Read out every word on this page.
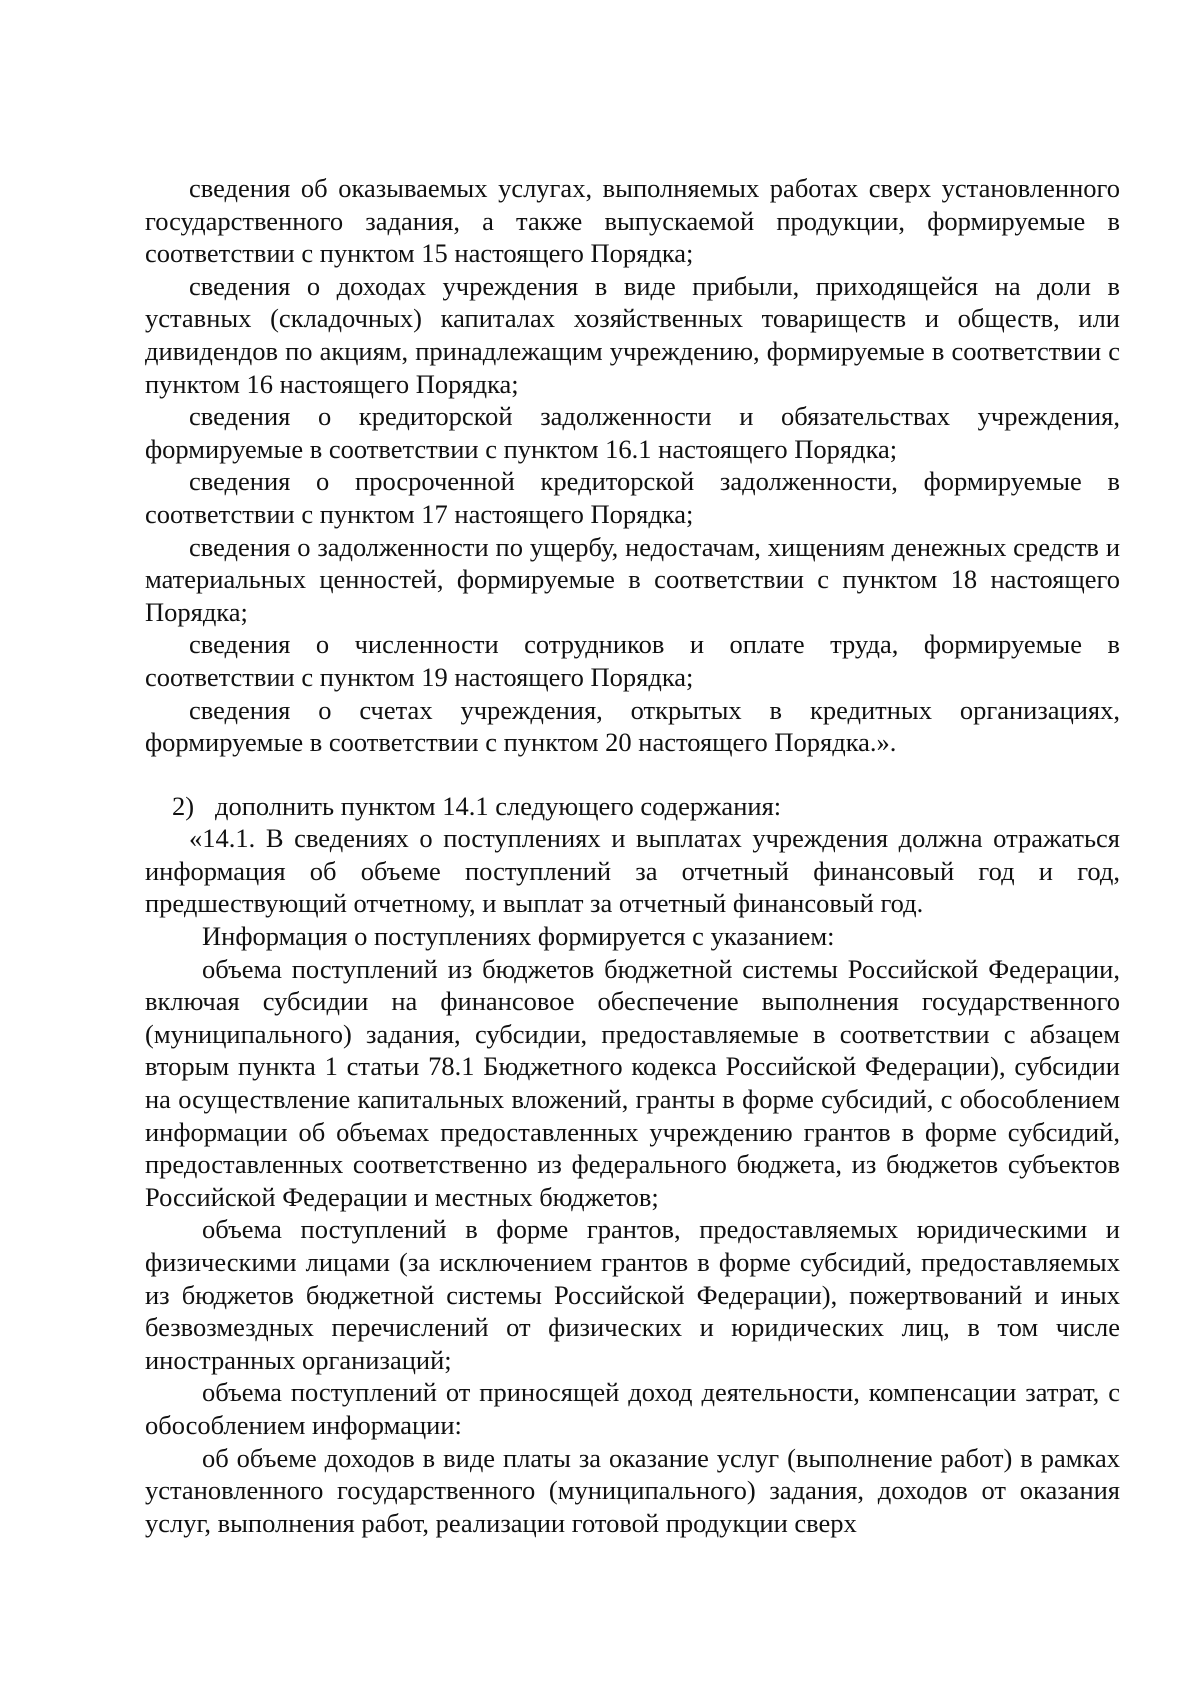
сведения об оказываемых услугах, выполняемых работах сверх установленного государственного задания, а также выпускаемой продукции, формируемые в соответствии с пунктом 15 настоящего Порядка;

сведения о доходах учреждения в виде прибыли, приходящейся на доли в уставных (складочных) капиталах хозяйственных товариществ и обществ, или дивидендов по акциям, принадлежащим учреждению, формируемые в соответствии с пунктом 16 настоящего Порядка;

сведения о кредиторской задолженности и обязательствах учреждения, формируемые в соответствии с пунктом 16.1 настоящего Порядка;

сведения о просроченной кредиторской задолженности, формируемые в соответствии с пунктом 17 настоящего Порядка;

сведения о задолженности по ущербу, недостачам, хищениям денежных средств и материальных ценностей, формируемые в соответствии с пунктом 18 настоящего Порядка;

сведения о численности сотрудников и оплате труда, формируемые в соответствии с пунктом 19 настоящего Порядка;

сведения о счетах учреждения, открытых в кредитных организациях, формируемые в соответствии с пунктом 20 настоящего Порядка.».

2) дополнить пунктом 14.1 следующего содержания:

«14.1. В сведениях о поступлениях и выплатах учреждения должна отражаться информация об объеме поступлений за отчетный финансовый год и год, предшествующий отчетному, и выплат за отчетный финансовый год.

Информация о поступлениях формируется с указанием:

объема поступлений из бюджетов бюджетной системы Российской Федерации, включая субсидии на финансовое обеспечение выполнения государственного (муниципального) задания, субсидии, предоставляемые в соответствии с абзацем вторым пункта 1 статьи 78.1 Бюджетного кодекса Российской Федерации), субсидии на осуществление капитальных вложений, гранты в форме субсидий, с обособлением информации об объемах предоставленных учреждению грантов в форме субсидий, предоставленных соответственно из федерального бюджета, из бюджетов субъектов Российской Федерации и местных бюджетов;

объема поступлений в форме грантов, предоставляемых юридическими и физическими лицами (за исключением грантов в форме субсидий, предоставляемых из бюджетов бюджетной системы Российской Федерации), пожертвований и иных безвозмездных перечислений от физических и юридических лиц, в том числе иностранных организаций;

объема поступлений от приносящей доход деятельности, компенсации затрат, с обособлением информации:

об объеме доходов в виде платы за оказание услуг (выполнение работ) в рамках установленного государственного (муниципального) задания, доходов от оказания услуг, выполнения работ, реализации готовой продукции сверх
